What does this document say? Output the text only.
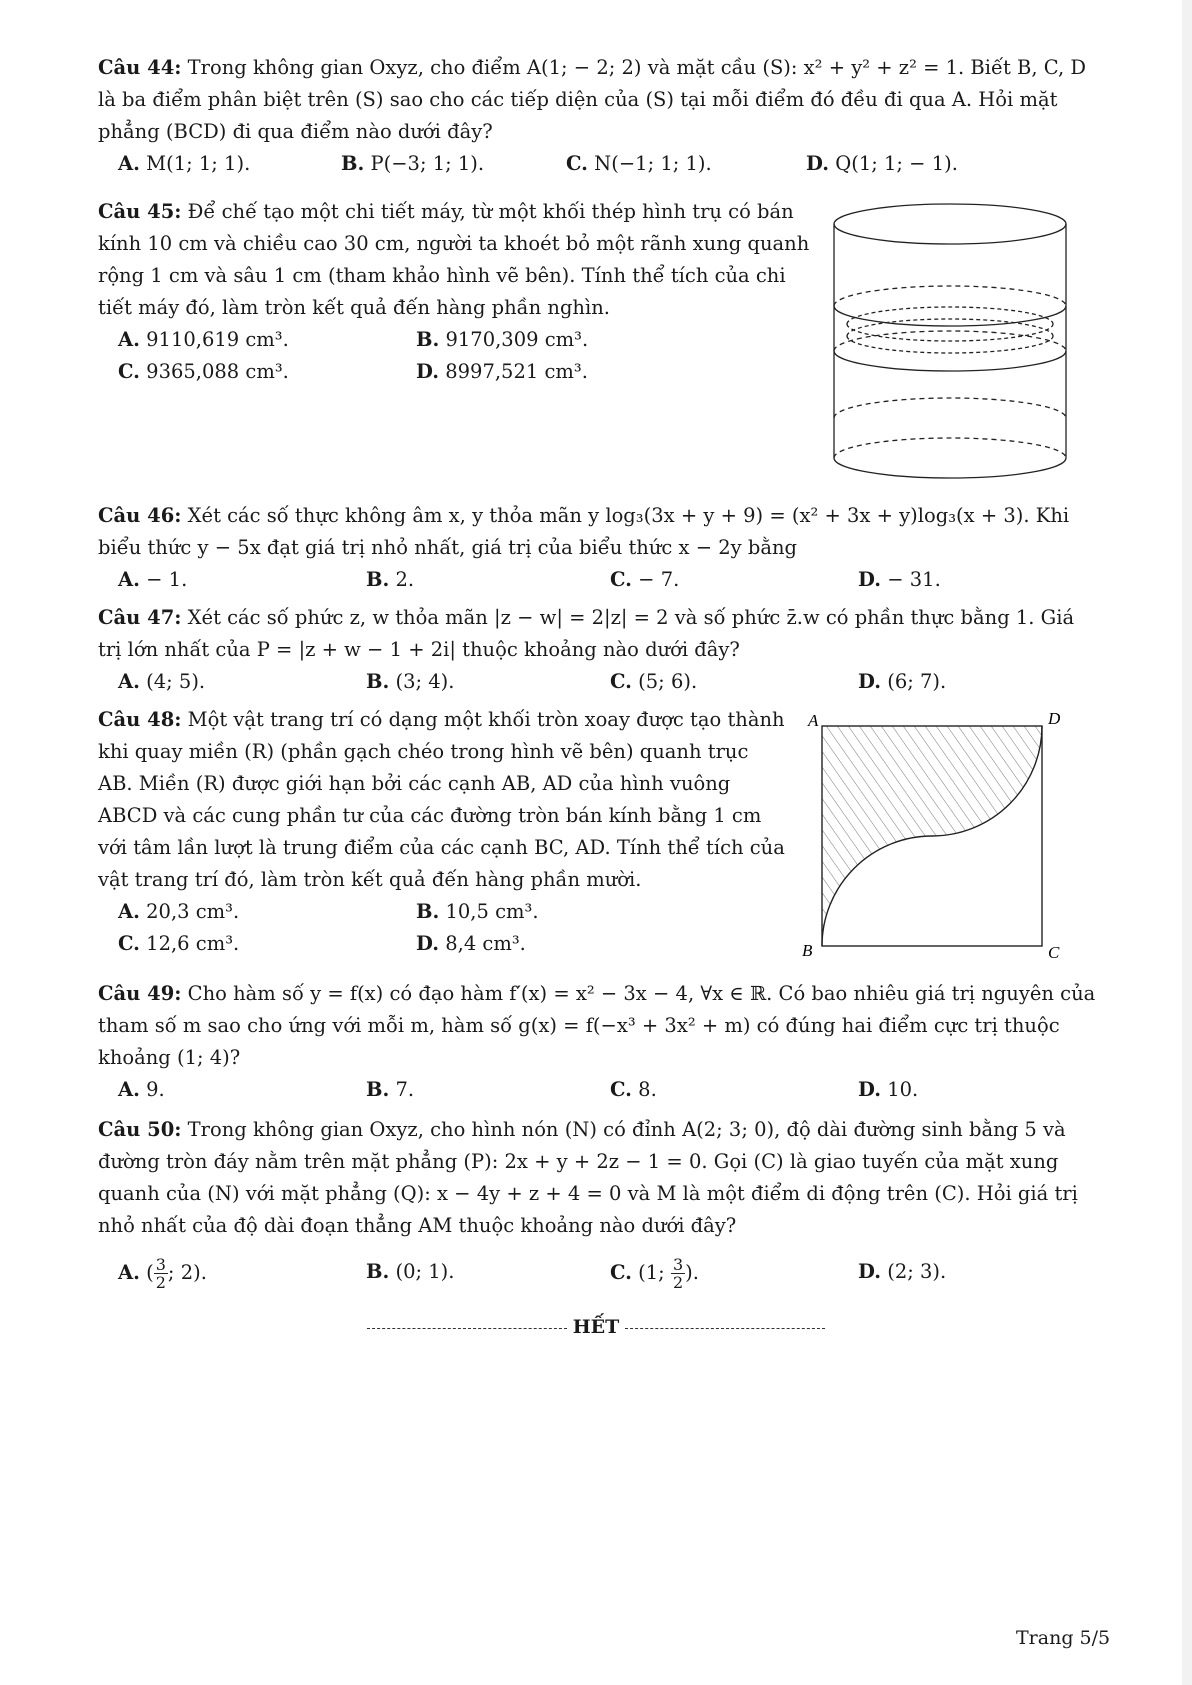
Câu 44: Trong không gian Oxyz, cho điểm A(1; − 2; 2) và mặt cầu (S): x² + y² + z² = 1. Biết B, C, D là ba điểm phân biệt trên (S) sao cho các tiếp diện của (S) tại mỗi điểm đó đều đi qua A. Hỏi mặt phẳng (BCD) đi qua điểm nào dưới đây?

A. M(1; 1; 1).	B. P(−3; 1; 1).	C. N(−1; 1; 1).	D. Q(1; 1; − 1).

Câu 45: Để chế tạo một chi tiết máy, từ một khối thép hình trụ có bán kính 10 cm và chiều cao 30 cm, người ta khoét bỏ một rãnh xung quanh rộng 1 cm và sâu 1 cm (tham khảo hình vẽ bên). Tính thể tích của chi tiết máy đó, làm tròn kết quả đến hàng phần nghìn.

A. 9110,619 cm³.	B. 9170,309 cm³.
C. 9365,088 cm³.	D. 8997,521 cm³.

Câu 46: Xét các số thực không âm x, y thỏa mãn y log₃(3x + y + 9) = (x² + 3x + y)log₃(x + 3). Khi biểu thức y − 5x đạt giá trị nhỏ nhất, giá trị của biểu thức x − 2y bằng

A. − 1.	B. 2.	C. − 7.	D. − 31.

Câu 47: Xét các số phức z, w thỏa mãn |z − w| = 2|z| = 2 và số phức z̄.w có phần thực bằng 1. Giá trị lớn nhất của P = |z + w − 1 + 2i| thuộc khoảng nào dưới đây?

A. (4; 5).	B. (3; 4).	C. (5; 6).	D. (6; 7).

Câu 48: Một vật trang trí có dạng một khối tròn xoay được tạo thành khi quay miền (R) (phần gạch chéo trong hình vẽ bên) quanh trục AB. Miền (R) được giới hạn bởi các cạnh AB, AD của hình vuông ABCD và các cung phần tư của các đường tròn bán kính bằng 1 cm với tâm lần lượt là trung điểm của các cạnh BC, AD. Tính thể tích của vật trang trí đó, làm tròn kết quả đến hàng phần mười.

A. 20,3 cm³.	B. 10,5 cm³.
C. 12,6 cm³.	D. 8,4 cm³.
A	D
B	C

Câu 49: Cho hàm số y = f(x) có đạo hàm f′(x) = x² − 3x − 4, ∀x ∈ ℝ. Có bao nhiêu giá trị nguyên của tham số m sao cho ứng với mỗi m, hàm số g(x) = f(−x³ + 3x² + m) có đúng hai điểm cực trị thuộc khoảng (1; 4)?

A. 9.	B. 7.	C. 8.	D. 10.

Câu 50: Trong không gian Oxyz, cho hình nón (N) có đỉnh A(2; 3; 0), độ dài đường sinh bằng 5 và đường tròn đáy nằm trên mặt phẳng (P): 2x + y + 2z − 1 = 0. Gọi (C) là giao tuyến của mặt xung quanh của (N) với mặt phẳng (Q): x − 4y + z + 4 = 0 và M là một điểm di động trên (C). Hỏi giá trị nhỏ nhất của độ dài đoạn thẳng AM thuộc khoảng nào dưới đây?

A. ( $\frac{3}{2}$ ; 2).	B. (0; 1).	C. (1; $\frac{3}{2}$ ).	D. (2; 3).
HẾT
Trang 5/5
